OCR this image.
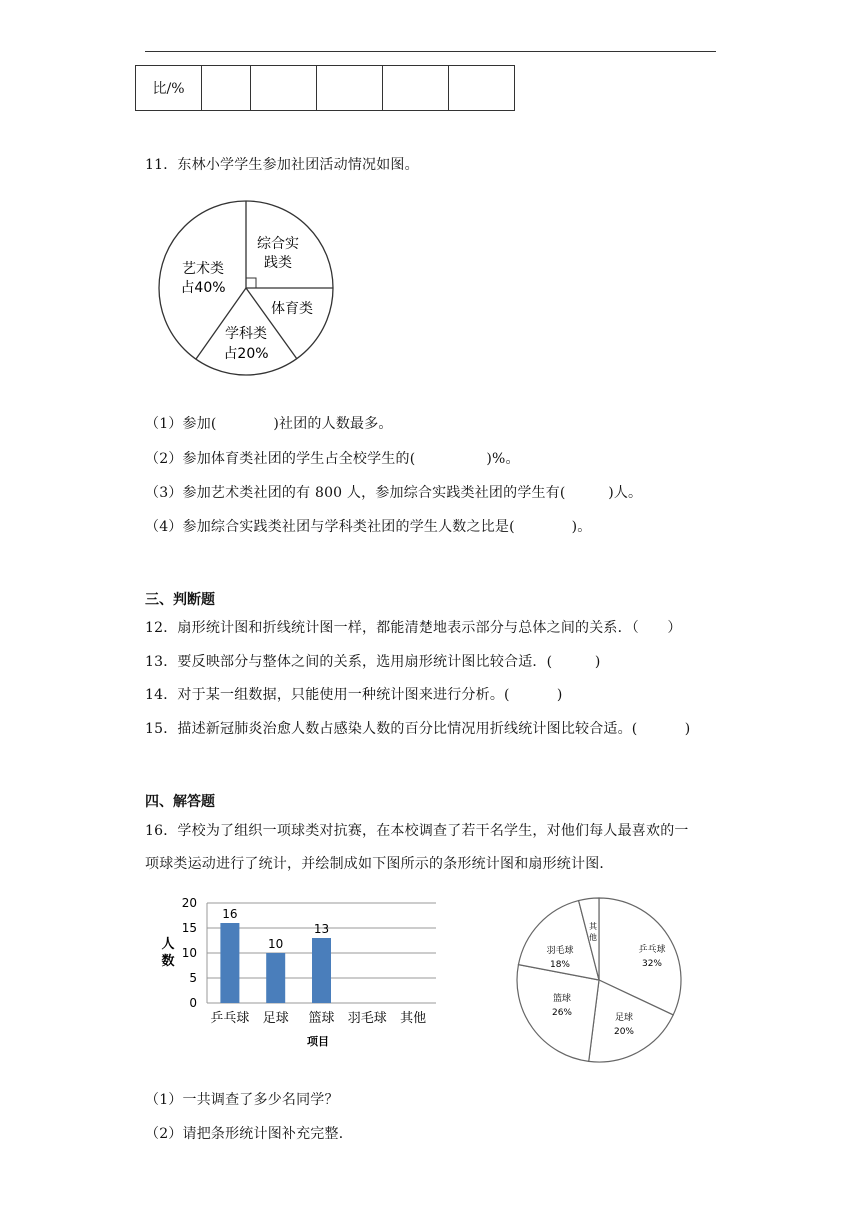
比/%					
11．东林小学学生参加社团活动情况如图。
综合实
践类
艺术类
占40%
体育类
学科类
占20%
（1）参加(　　　　)社团的人数最多。
（2）参加体育类社团的学生占全校学生的(　　　　　)%。
（3）参加艺术类社团的有 800 人，参加综合实践类社团的学生有(　　　)人。
（4）参加综合实践类社团与学科类社团的学生人数之比是(　　　　)。
三、判断题
12．扇形统计图和折线统计图一样，都能清楚地表示部分与总体之间的关系．（　　）
13．要反映部分与整体之间的关系，选用扇形统计图比较合适．(　　　)
14．对于某一组数据，只能使用一种统计图来进行分析。(　　　 )
15．描述新冠肺炎治愈人数占感染人数的百分比情况用折线统计图比较合适。(　　　 )
四、解答题
16．学校为了组织一项球类对抗赛，在本校调查了若干名学生，对他们每人最喜欢的一
项球类运动进行了统计，并绘制成如下图所示的条形统计图和扇形统计图．
0
5
10
15
20
16
10
13
乒乓球 足球 篮球 羽毛球 其他
人
数
项目
乒乓球
32%
足球
20%
篮球
26%
羽毛球
18%
其
他
（1）一共调查了多少名同学？
（2）请把条形统计图补充完整．
